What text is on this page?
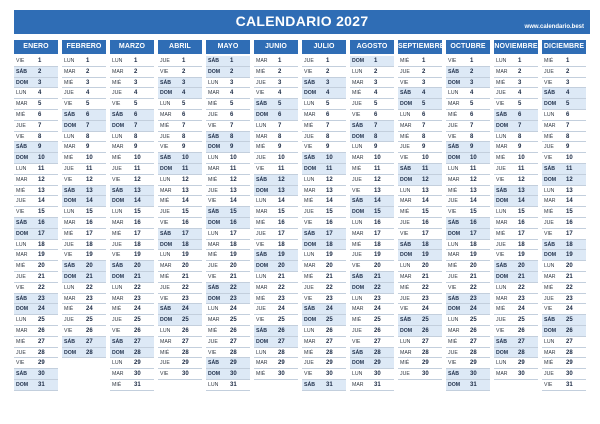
CALENDARIO 2027	www.calendario.best
ENERO
VIE 1
SÁB 2
DOM 3
LUN 4
MAR 5
MIÉ 6
JUE 7
VIE 8
SÁB 9
DOM 10
LUN 11
MAR 12
MIÉ 13
JUE 14
VIE 15
SÁB 16
DOM 17
LUN 18
MAR 19
MIÉ 20
JUE 21
VIE 22
SÁB 23
DOM 24
LUN 25
MAR 26
MIÉ 27
JUE 28
VIE 29
SÁB 30
DOM 31
FEBRERO
LUN 1
MAR 2
MIÉ 3
JUE 4
VIE 5
SÁB 6
DOM 7
LUN 8
MAR 9
MIÉ 10
JUE 11
VIE 12
SÁB 13
DOM 14
LUN 15
MAR 16
MIÉ 17
JUE 18
VIE 19
SÁB 20
DOM 21
LUN 22
MAR 23
MIÉ 24
JUE 25
VIE 26
SÁB 27
DOM 28
MARZO
LUN 1
MAR 2
MIÉ 3
JUE 4
VIE 5
SÁB 6
DOM 7
LUN 8
MAR 9
MIÉ 10
JUE 11
VIE 12
SÁB 13
DOM 14
LUN 15
MAR 16
MIÉ 17
JUE 18
VIE 19
SÁB 20
DOM 21
LUN 22
MAR 23
MIÉ 24
JUE 25
VIE 26
SÁB 27
DOM 28
LUN 29
MAR 30
MIÉ 31
ABRIL
JUE 1
VIE 2
SÁB 3
DOM 4
LUN 5
MAR 6
MIÉ 7
JUE 8
VIE 9
SÁB 10
DOM 11
LUN 12
MAR 13
MIÉ 14
JUE 15
VIE 16
SÁB 17
DOM 18
LUN 19
MAR 20
MIÉ 21
JUE 22
VIE 23
SÁB 24
DOM 25
LUN 26
MAR 27
MIÉ 28
JUE 29
VIE 30
MAYO
SÁB 1
DOM 2
LUN 3
MAR 4
MIÉ 5
JUE 6
VIE 7
SÁB 8
DOM 9
LUN 10
MAR 11
MIÉ 12
JUE 13
VIE 14
SÁB 15
DOM 16
LUN 17
MAR 18
MIÉ 19
JUE 20
VIE 21
SÁB 22
DOM 23
LUN 24
MAR 25
MIÉ 26
JUE 27
VIE 28
SÁB 29
DOM 30
LUN 31
JUNIO
MAR 1
MIÉ 2
JUE 3
VIE 4
SÁB 5
DOM 6
LUN 7
MAR 8
MIÉ 9
JUE 10
VIE 11
SÁB 12
DOM 13
LUN 14
MAR 15
MIÉ 16
JUE 17
VIE 18
SÁB 19
DOM 20
LUN 21
MAR 22
MIÉ 23
JUE 24
VIE 25
SÁB 26
DOM 27
LUN 28
MAR 29
MIÉ 30
JULIO
JUE 1
VIE 2
SÁB 3
DOM 4
LUN 5
MAR 6
MIÉ 7
JUE 8
VIE 9
SÁB 10
DOM 11
LUN 12
MAR 13
MIÉ 14
JUE 15
VIE 16
SÁB 17
DOM 18
LUN 19
MAR 20
MIÉ 21
JUE 22
VIE 23
SÁB 24
DOM 25
LUN 26
MAR 27
MIÉ 28
JUE 29
VIE 30
SÁB 31
AGOSTO
DOM 1
LUN 2
MAR 3
MIÉ 4
JUE 5
VIE 6
SÁB 7
DOM 8
LUN 9
MAR 10
MIÉ 11
JUE 12
VIE 13
SÁB 14
DOM 15
LUN 16
MAR 17
MIÉ 18
JUE 19
VIE 20
SÁB 21
DOM 22
LUN 23
MAR 24
MIÉ 25
JUE 26
VIE 27
SÁB 28
DOM 29
LUN 30
MAR 31
SEPTIEMBRE
MIÉ 1
JUE 2
VIE 3
SÁB 4
DOM 5
LUN 6
MAR 7
MIÉ 8
JUE 9
VIE 10
SÁB 11
DOM 12
LUN 13
MAR 14
MIÉ 15
JUE 16
VIE 17
SÁB 18
DOM 19
LUN 20
MAR 21
MIÉ 22
JUE 23
VIE 24
SÁB 25
DOM 26
LUN 27
MAR 28
MIÉ 29
JUE 30
OCTUBRE
VIE 1
SÁB 2
DOM 3
LUN 4
MAR 5
MIÉ 6
JUE 7
VIE 8
SÁB 9
DOM 10
LUN 11
MAR 12
MIÉ 13
JUE 14
VIE 15
SÁB 16
DOM 17
LUN 18
MAR 19
MIÉ 20
JUE 21
VIE 22
SÁB 23
DOM 24
LUN 25
MAR 26
MIÉ 27
JUE 28
VIE 29
SÁB 30
DOM 31
NOVIEMBRE
LUN 1
MAR 2
MIÉ 3
JUE 4
VIE 5
SÁB 6
DOM 7
LUN 8
MAR 9
MIÉ 10
JUE 11
VIE 12
SÁB 13
DOM 14
LUN 15
MAR 16
MIÉ 17
JUE 18
VIE 19
SÁB 20
DOM 21
LUN 22
MAR 23
MIÉ 24
JUE 25
VIE 26
SÁB 27
DOM 28
LUN 29
MAR 30
DICIEMBRE
MIÉ 1
JUE 2
VIE 3
SÁB 4
DOM 5
LUN 6
MAR 7
MIÉ 8
JUE 9
VIE 10
SÁB 11
DOM 12
LUN 13
MAR 14
MIÉ 15
JUE 16
VIE 17
SÁB 18
DOM 19
LUN 20
MAR 21
MIÉ 22
JUE 23
VIE 24
SÁB 25
DOM 26
LUN 27
MAR 28
MIÉ 29
JUE 30
VIE 31
